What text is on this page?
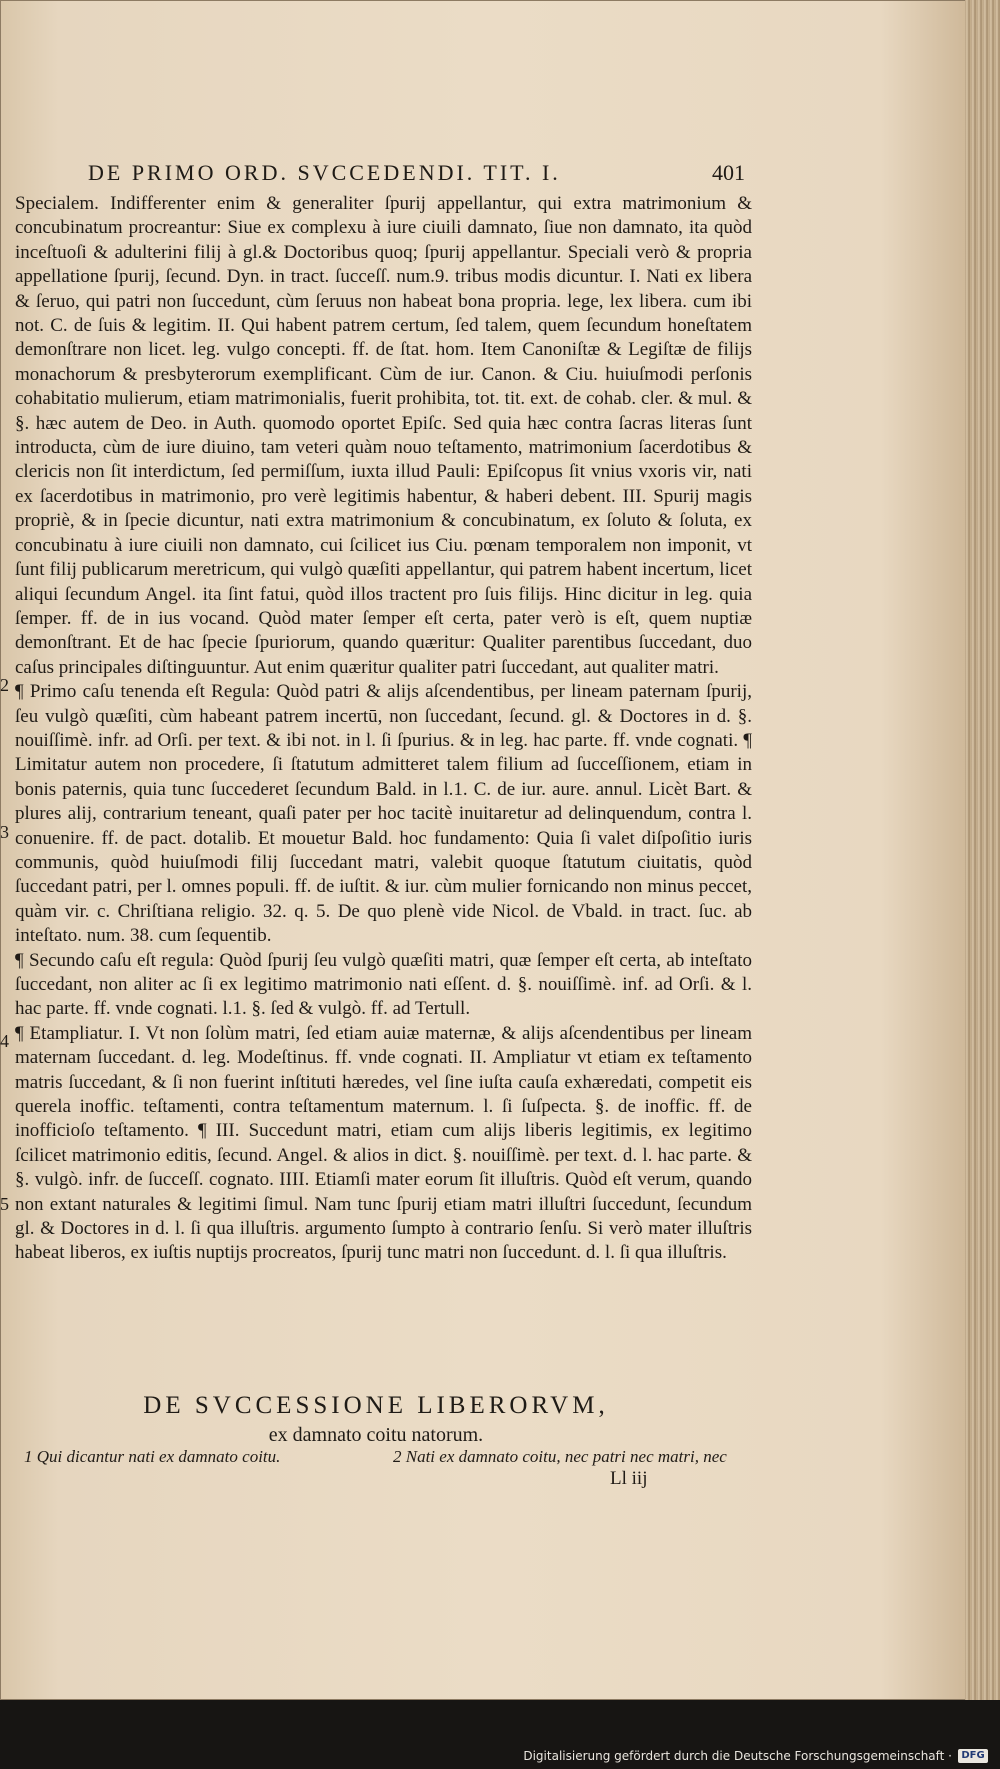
DE PRIMO ORD. SVCCEDENDI. TIT. I.	401

Specialem. Indifferenter enim & generaliter ſpurij appellantur, qui extra matrimonium & concubinatum procreantur: Siue ex complexu à iure ciuili damnato, ſiue non damnato, ita quòd inceſtuoſi & adulterini filij à gl.& Doctoribus quoq; ſpurij appellantur. Speciali verò & propria appellatione ſpurij, ſecund. Dyn. in tract. ſucceſſ. num.9. tribus modis dicuntur. I. Nati ex libera & ſeruo, qui patri non ſuccedunt, cùm ſeruus non habeat bona propria. lege, lex libera. cum ibi not. C. de ſuis & legitim. II. Qui habent patrem certum, ſed talem, quem ſecundum honeſtatem demonſtrare non licet. leg. vulgo concepti. ff. de ſtat. hom. Item Canoniſtæ & Legiſtæ de filijs monachorum & presbyterorum exemplificant. Cùm de iur. Canon. & Ciu. huiuſmodi perſonis cohabitatio mulierum, etiam matrimonialis, fuerit prohibita, tot. tit. ext. de cohab. cler. & mul. & §. hæc autem de Deo. in Auth. quomodo oportet Epiſc. Sed quia hæc contra ſacras literas ſunt introducta, cùm de iure diuino, tam veteri quàm nouo teſtamento, matrimonium ſacerdotibus & clericis non ſit interdictum, ſed permiſſum, iuxta illud Pauli: Epiſcopus ſit vnius vxoris vir, nati ex ſacerdotibus in matrimonio, pro verè legitimis habentur, & haberi debent. III. Spurij magis propriè, & in ſpecie dicuntur, nati extra matrimonium & concubinatum, ex ſoluto & ſoluta, ex concubinatu à iure ciuili non damnato, cui ſcilicet ius Ciu. pœnam temporalem non imponit, vt ſunt filij publicarum meretricum, qui vulgò quæſiti appellantur, qui patrem habent incertum, licet aliqui ſecundum Angel. ita ſint fatui, quòd illos tractent pro ſuis filijs. Hinc dicitur in leg. quia ſemper. ff. de in ius vocand. Quòd mater ſemper eſt certa, pater verò is eſt, quem nuptiæ demonſtrant. Et de hac ſpecie ſpuriorum, quando quæritur: Qualiter parentibus ſuccedant, duo caſus principales diſtinguuntur. Aut enim quæritur qualiter patri ſuccedant, aut qualiter matri.

¶ Primo caſu tenenda eſt Regula: Quòd patri & alijs aſcendentibus, per lineam paternam ſpurij, ſeu vulgò quæſiti, cùm habeant patrem incertū, non ſuccedant, ſecund. gl. & Doctores in d. §. nouiſſimè. infr. ad Orſi. per text. & ibi not. in l. ſi ſpurius. & in leg. hac parte. ff. vnde cognati. ¶ Limitatur autem non procedere, ſi ſtatutum admitteret talem filium ad ſucceſſionem, etiam in bonis paternis, quia tunc ſuccederet ſecundum Bald. in l.1. C. de iur. aure. annul. Licèt Bart. & plures alij, contrarium teneant, quaſi pater per hoc tacitè inuitaretur ad delinquendum, contra l. conuenire. ff. de pact. dotalib. Et mouetur Bald. hoc fundamento: Quia ſi valet diſpoſitio iuris communis, quòd huiuſmodi filij ſuccedant matri, valebit quoque ſtatutum ciuitatis, quòd ſuccedant patri, per l. omnes populi. ff. de iuſtit. & iur. cùm mulier fornicando non minus peccet, quàm vir. c. Chriſtiana religio. 32. q. 5. De quo plenè vide Nicol. de Vbald. in tract. ſuc. ab inteſtato. num. 38. cum ſequentib.

¶ Secundo caſu eſt regula: Quòd ſpurij ſeu vulgò quæſiti matri, quæ ſemper eſt certa, ab inteſtato ſuccedant, non aliter ac ſi ex legitimo matrimonio nati eſſent. d. §. nouiſſimè. inf. ad Orſi. & l. hac parte. ff. vnde cognati. l.1. §. ſed & vulgò. ff. ad Tertull.

¶ Etampliatur. I. Vt non ſolùm matri, ſed etiam auiæ maternæ, & alijs aſcendentibus per lineam maternam ſuccedant. d. leg. Modeſtinus. ff. vnde cognati. II. Ampliatur vt etiam ex teſtamento matris ſuccedant, & ſi non fuerint inſtituti hæredes, vel ſine iuſta cauſa exhæredati, competit eis querela inoffic. teſtamenti, contra teſtamentum maternum. l. ſi ſuſpecta. §. de inoffic. ff. de inofficioſo teſtamento. ¶ III. Succedunt matri, etiam cum alijs liberis legitimis, ex legitimo ſcilicet matrimonio editis, ſecund. Angel. & alios in dict. §. nouiſſimè. per text. d. l. hac parte. & §. vulgò. infr. de ſucceſſ. cognato. IIII. Etiamſi mater eorum ſit illuſtris. Quòd eſt verum, quando non extant naturales & legitimi ſimul. Nam tunc ſpurij etiam matri illuſtri ſuccedunt, ſecundum gl. & Doctores in d. l. ſi qua illuſtris. argumento ſumpto à contrario ſenſu. Si verò mater illuſtris habeat liberos, ex iuſtis nuptijs procreatos, ſpurij tunc matri non ſuccedunt. d. l. ſi qua illuſtris.

2
3
4
5
DE SVCCESSIONE LIBERORVM,
ex damnato coitu natorum.
1 Qui dicantur nati ex damnato coitu.	2 Nati ex damnato coitu, nec patri nec matri, nec
Ll iij
Digitalisierung gefördert durch die Deutsche Forschungsgemeinschaft · DFG
